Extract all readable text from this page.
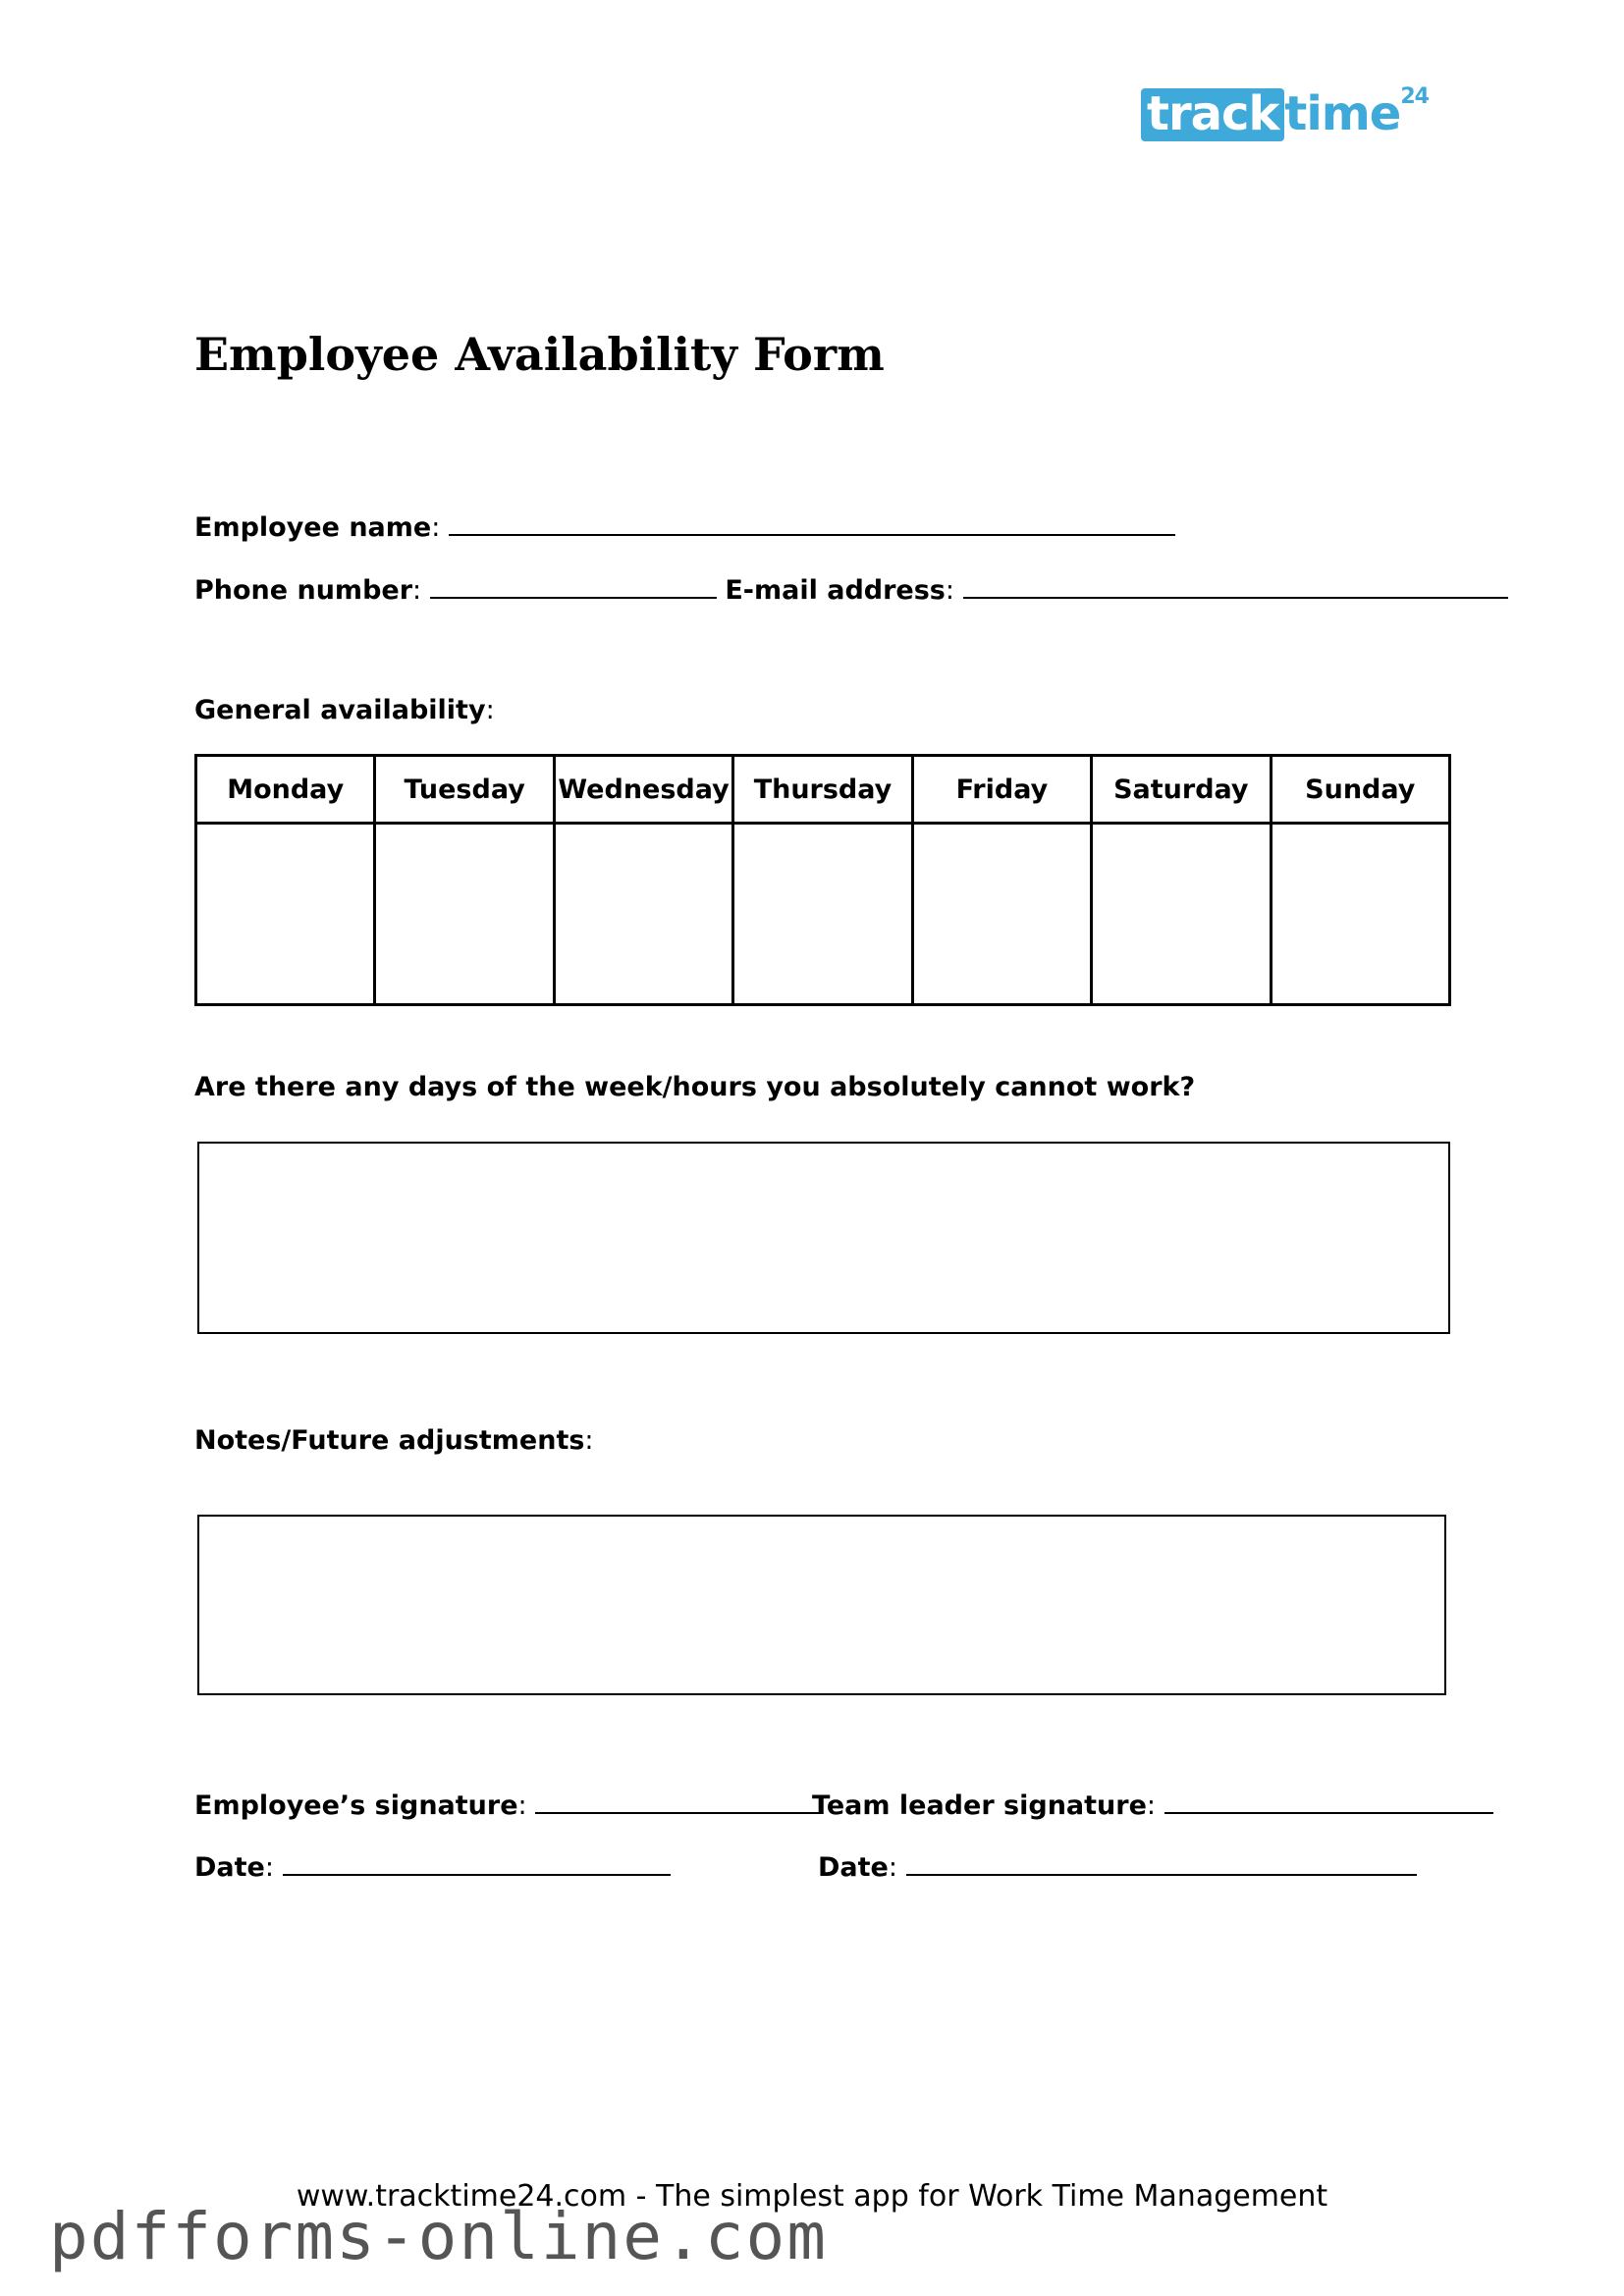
track time$^{24}$
Employee Availability Form
Employee name:
Phone number:	E-mail address:
General availability:
Monday	Tuesday	Wednesday	Thursday	Friday	Saturday	Sunday

Are there any days of the week/hours you absolutely cannot work?
Notes/Future adjustments:
Employee’s signature:	Team leader signature:
Date:	Date:
www.tracktime24.com - The simplest app for Work Time Management
pdfforms-online.com
